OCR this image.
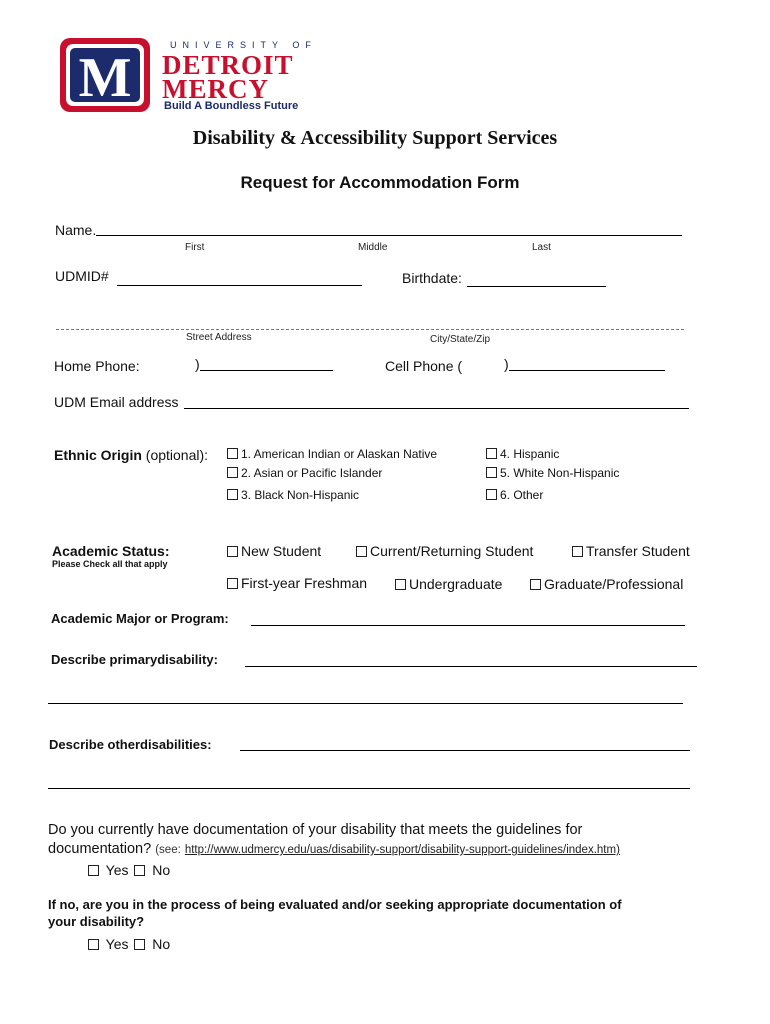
M
UNIVERSITY OF
DETROIT
MERCY
Build A Boundless Future
Disability & Accessibility Support Services
Request for Accommodation Form
Name.
First	Middle	Last
UDMID#	Birthdate:
Street Address	City/State/Zip
Home Phone:	)	Cell Phone (	)
UDM Email address
Ethnic Origin (optional):	1. American Indian or Alaskan Native
2. Asian or Pacific Islander
3. Black Non-Hispanic
4. Hispanic
5. White Non-Hispanic
6. Other
Academic Status:
Please Check all that apply
New Student	Current/Returning Student	Transfer Student
First-year Freshman	Undergraduate	Graduate/Professional
Academic Major or Program:
Describe primarydisability:
Describe otherdisabilities:
Do you currently have documentation of your disability that meets the guidelines for
documentation? (see: http://www.udmercy.edu/uas/disability-support/disability-support-guidelines/index.htm)
Yes No
If no, are you in the process of being evaluated and/or seeking appropriate documentation of
your disability?
Yes No
